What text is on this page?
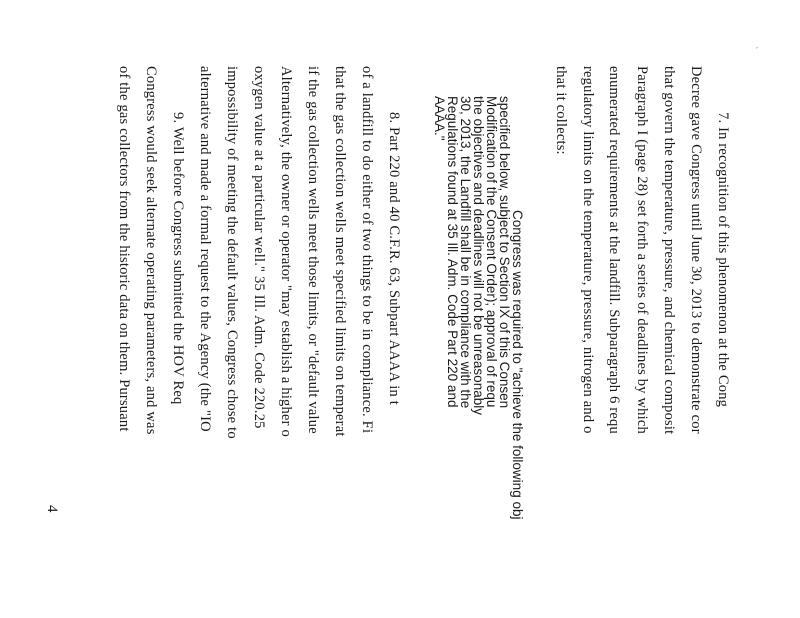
`
7. In recognition of this phenomenon at the Cong
Decree gave Congress until June 30, 2013 to demonstrate cor
that govern the temperature, pressure, and chemical composit
Paragraph I (page 28) set forth a series of deadlines by which
enumerated requirements at the landfill. Subparagraph 6 requ
regulatory limits on the temperature, pressure, nitrogen and o
that it collects:
Congress was required to "achieve the following obj
specified below, subject to Section IX of this Consen
Modification of the Consent Order); approval of requ
the objectives and deadlines will not be unreasonably
30, 2013, the Landfill shall be in compliance with the
Regulations found at 35 Ill. Adm. Code Part 220 and
AAAA."
8. Part 220 and 40 C.F.R. 63, Subpart AAAA in t
of a landfill to do either of two things to be in compliance. Fi
that the gas collection wells meet specified limits on temperat
if the gas collection wells meet those limits, or "default value
Alternatively, the owner or operator "may establish a higher o
oxygen value at a particular well." 35 Ill. Adm. Code 220.25
impossibility of meeting the default values, Congress chose to
alternative and made a formal request to the Agency (the "IO
9. Well before Congress submitted the HOV Req
Congress would seek alternate operating parameters, and was
of the gas collectors from the historic data on them. Pursuant
4
